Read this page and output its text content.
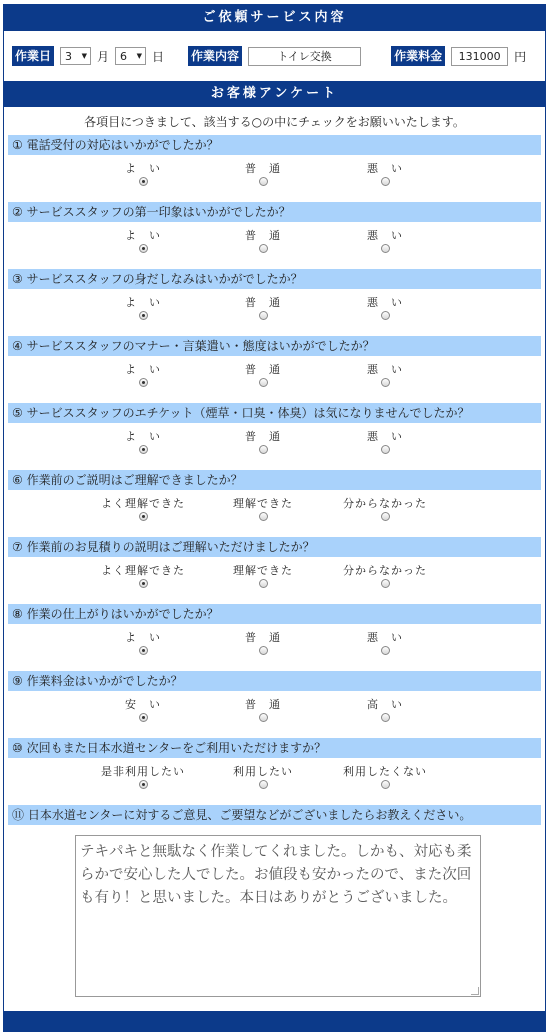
ご依頼サービス内容
作業日 3 ▼ 月 6 ▼ 日 作業内容	トイレ交換	作業料金	131000	円
お客様アンケート
各項目につきまして、該当する○の中にチェックをお願いいたします。
① 電話受付の対応はいかがでしたか？
よ　い	普　通	悪　い
② サービススタッフの第一印象はいかがでしたか？
よ　い	普　通	悪　い
③ サービススタッフの身だしなみはいかがでしたか？
よ　い	普　通	悪　い
④ サービススタッフのマナー・言葉遣い・態度はいかがでしたか？
よ　い	普　通	悪　い
⑤ サービススタッフのエチケット（煙草・口臭・体臭）は気になりませんでしたか？
よ　い	普　通	悪　い
⑥ 作業前のご説明はご理解できましたか？
よく理解できた	理解できた	分からなかった
⑦ 作業前のお見積りの説明はご理解いただけましたか？
よく理解できた	理解できた	分からなかった
⑧ 作業の仕上がりはいかがでしたか？
よ　い	普　通	悪　い
⑨ 作業料金はいかがでしたか？
安　い	普　通	高　い
⑩ 次回もまた日本水道センターをご利用いただけますか？
是非利用したい	利用したい	利用したくない
⑪ 日本水道センターに対するご意見、ご要望などがございましたらお教えください。
テキパキと無駄なく作業してくれました。しかも、対応も柔らかで安心した人でした。お値段も安かったので、また次回も有り！と思いました。本日はありがとうございました。
